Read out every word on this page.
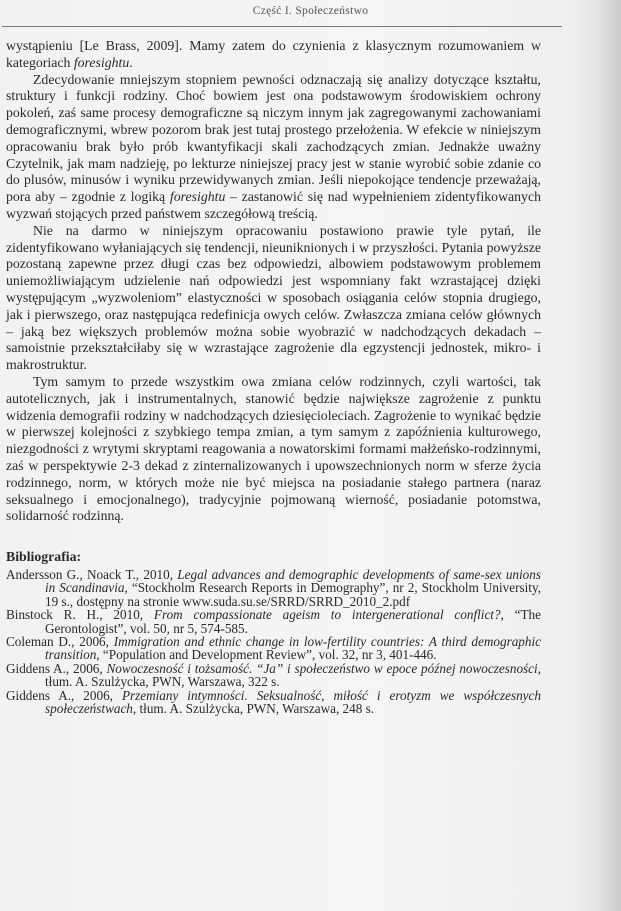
Część I. Społeczeństwo

wystąpieniu [Le Brass, 2009]. Mamy zatem do czynienia z klasycznym rozumowaniem w kategoriach foresightu.

Zdecydowanie mniejszym stopniem pewności odznaczają się analizy dotyczące kształtu, struktury i funkcji rodziny. Choć bowiem jest ona podstawowym środowiskiem ochrony pokoleń, zaś same procesy demograficzne są niczym innym jak zagregowanymi zachowaniami demograficznymi, wbrew pozorom brak jest tutaj prostego przełożenia. W efekcie w niniejszym opracowaniu brak było prób kwantyfikacji skali zachodzących zmian. Jednakże uważny Czytelnik, jak mam nadzieję, po lekturze niniejszej pracy jest w stanie wyrobić sobie zdanie co do plusów, minusów i wyniku przewidywanych zmian. Jeśli niepokojące tendencje przeważają, pora aby – zgodnie z logiką foresightu – zastanowić się nad wypełnieniem zidentyfikowanych wyzwań stojących przed państwem szczegółową treścią.

Nie na darmo w niniejszym opracowaniu postawiono prawie tyle pytań, ile zidentyfikowano wyłaniających się tendencji, nieuniknionych i w przyszłości. Pytania powyższe pozostaną zapewne przez długi czas bez odpowiedzi, albowiem podstawowym problemem uniemożliwiającym udzielenie nań odpowiedzi jest wspomniany fakt wzrastającej dzięki występującym „wyzwoleniom” elastyczności w sposobach osiągania celów stopnia drugiego, jak i pierwszego, oraz następująca redefinicja owych celów. Zwłaszcza zmiana celów głównych – jaką bez większych problemów można sobie wyobrazić w nadchodzących dekadach – samoistnie przekształciłaby się w wzrastające zagrożenie dla egzystencji jednostek, mikro- i makrostruktur.

Tym samym to przede wszystkim owa zmiana celów rodzinnych, czyli wartości, tak autotelicznych, jak i instrumentalnych, stanowić będzie największe zagrożenie z punktu widzenia demografii rodziny w nadchodzących dziesięcioleciach. Zagrożenie to wynikać będzie w pierwszej kolejności z szybkiego tempa zmian, a tym samym z zapóźnienia kulturowego, niezgodności z wrytymi skryptami reagowania a nowatorskimi formami małżeńsko-rodzinnymi, zaś w perspektywie 2-3 dekad z zinternalizowanych i upowszechnionych norm w sferze życia rodzinnego, norm, w których może nie być miejsca na posiadanie stałego partnera (naraz seksualnego i emocjonalnego), tradycyjnie pojmowaną wierność, posiadanie potomstwa, solidarność rodzinną.

Bibliografia:
Andersson G., Noack T., 2010, Legal advances and demographic developments of same-sex unions in Scandinavia, “Stockholm Research Reports in Demography”, nr 2, Stockholm University, 19 s., dostępny na stronie www.suda.su.se/SRRD/SRRD_2010_2.pdf
Binstock R. H., 2010, From compassionate ageism to intergenerational conflict?, “The Gerontologist”, vol. 50, nr 5, 574-585.
Coleman D., 2006, Immigration and ethnic change in low-fertility countries: A third demographic transition, “Population and Development Review”, vol. 32, nr 3, 401-446.
Giddens A., 2006, Nowoczesność i tożsamość. “Ja” i społeczeństwo w epoce późnej nowoczesności, tłum. A. Szulżycka, PWN, Warszawa, 322 s.
Giddens A., 2006, Przemiany intymności. Seksualność, miłość i erotyzm we współczesnych społeczeństwach, tłum. A. Szulżycka, PWN, Warszawa, 248 s.
